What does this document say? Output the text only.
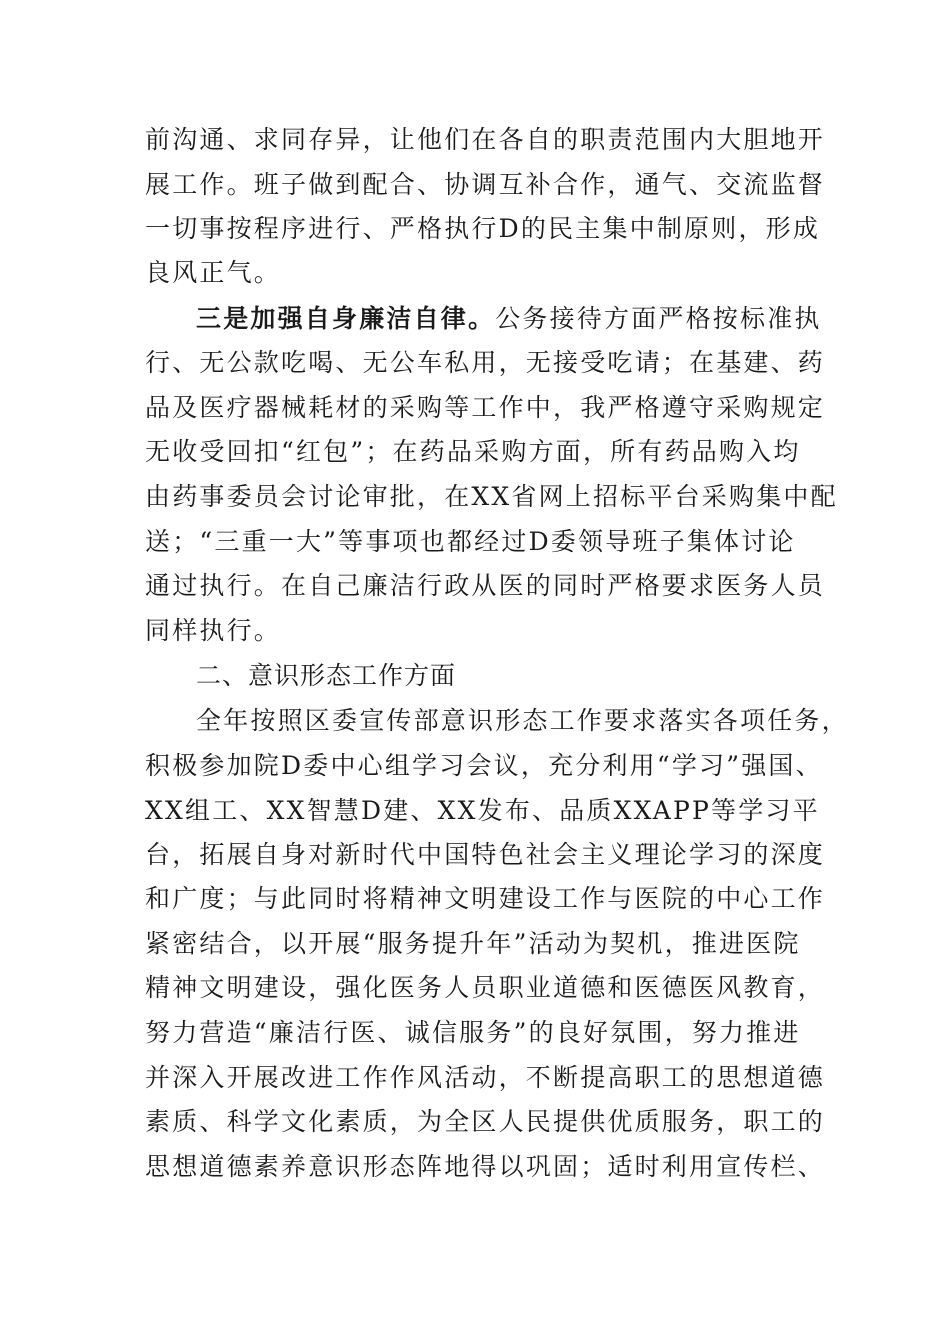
前沟通、求同存异，让他们在各自的职责范围内大胆地开
展工作。班子做到配合、协调互补合作，通气、交流监督
一切事按程序进行、严格执行D的民主集中制原则，形成
良风正气。
三是加强自身廉洁自律。公务接待方面严格按标准执
行、无公款吃喝、无公车私用，无接受吃请；在基建、药
品及医疗器械耗材的采购等工作中，我严格遵守采购规定
无收受回扣“红包”；在药品采购方面，所有药品购入均
由药事委员会讨论审批，在XX省网上招标平台采购集中配
送；“三重一大”等事项也都经过D委领导班子集体讨论
通过执行。在自己廉洁行政从医的同时严格要求医务人员
同样执行。
二、意识形态工作方面
全年按照区委宣传部意识形态工作要求落实各项任务，
积极参加院D委中心组学习会议，充分利用“学习”强国、
XX组工、XX智慧D建、XX发布、品质XXAPP等学习平
台，拓展自身对新时代中国特色社会主义理论学习的深度
和广度；与此同时将精神文明建设工作与医院的中心工作
紧密结合，以开展“服务提升年”活动为契机，推进医院
精神文明建设，强化医务人员职业道德和医德医风教育，
努力营造“廉洁行医、诚信服务”的良好氛围，努力推进
并深入开展改进工作作风活动，不断提高职工的思想道德
素质、科学文化素质，为全区人民提供优质服务，职工的
思想道德素养意识形态阵地得以巩固；适时利用宣传栏、
